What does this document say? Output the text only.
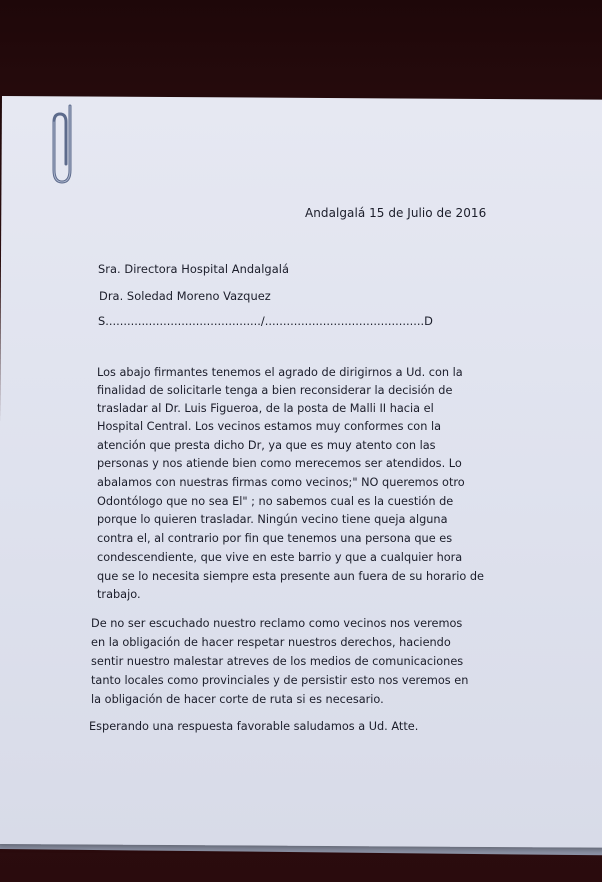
Andalgalá 15 de Julio de 2016
Sra. Directora Hospital Andalgalá
Dra. Soledad Moreno Vazquez
S.........................................../............................................D
Los abajo firmantes tenemos el agrado de dirigirnos a Ud. con la
finalidad de solicitarle tenga a bien reconsiderar la decisión de
trasladar al Dr. Luis Figueroa, de la posta de Malli II hacia el
Hospital Central. Los vecinos estamos muy conformes con la
atención que presta dicho Dr, ya que es muy atento con las
personas y nos atiende bien como merecemos ser atendidos. Lo
abalamos con nuestras firmas como vecinos;" NO queremos otro
Odontólogo que no sea El" ; no sabemos cual es la cuestión de
porque lo quieren trasladar. Ningún vecino tiene queja alguna
contra el, al contrario por fin que tenemos una persona que es
condescendiente, que vive en este barrio y que a cualquier hora
que se lo necesita siempre esta presente aun fuera de su horario de
trabajo.
De no ser escuchado nuestro reclamo como vecinos nos veremos
en la obligación de hacer respetar nuestros derechos, haciendo
sentir nuestro malestar atreves de los medios de comunicaciones
tanto locales como provinciales y de persistir esto nos veremos en
la obligación de hacer corte de ruta si es necesario.
Esperando una respuesta favorable saludamos a Ud. Atte.
